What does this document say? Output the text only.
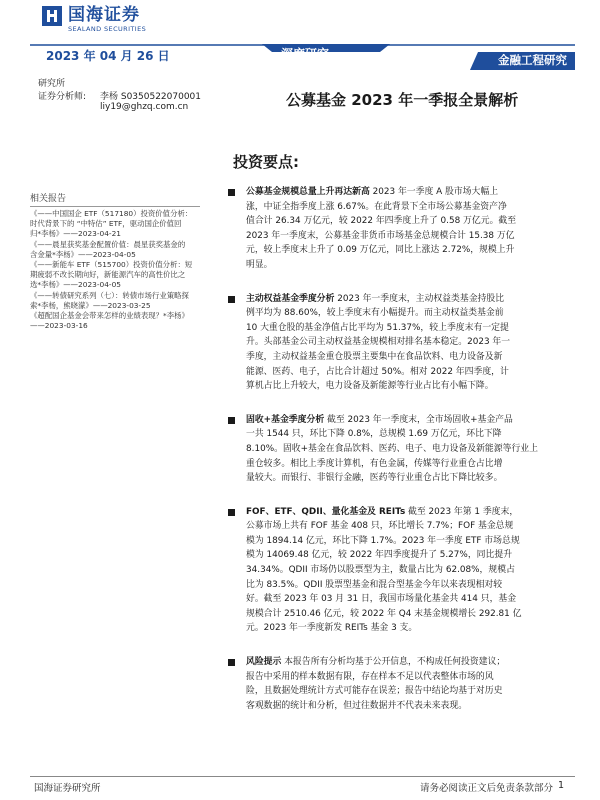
国海证券
SEALAND SECURITIES
2023 年 04 月 26 日	深度研究	金融工程研究
研究所
证券分析师: 李杨 S0350522070001
liy19@ghzq.com.cn	公募基金 2023 年一季报全景解析
投资要点:
相关报告
《——中国国企 ETF（517180）投资价值分析：
时代背景下的 “中特估” ETF，驱动国企价值回
归*李杨》——2023-04-21
《——晨星获奖基金配置价值：晨星获奖基金的
含金量*李杨》——2023-04-05
《——新能车 ETF（515700）投资价值分析：短
期疲弱不改长期向好，新能源汽车的高性价比之
选*李杨》——2023-04-05
《——转债研究系列（七）：转债市场行业策略探
索*李杨，熊晓濛》——2023-03-25
《超配国企基金会带来怎样的业绩表现？*李杨》
——2023-03-16
公募基金规模总量上升再达新高 2023 年一季度 A 股市场大幅上
涨，中证全指季度上涨 6.67%。在此背景下全市场公募基金资产净
值合计 26.34 万亿元，较 2022 年四季度上升了 0.58 万亿元。截至
2023 年一季度末，公募基金非货币市场基金总规模合计 15.38 万亿
元，较上季度末上升了 0.09 万亿元，同比上涨达 2.72%，规模上升
明显。
主动权益基金季度分析 2023 年一季度末，主动权益类基金持股比
例平均为 88.60%，较上季度末有小幅提升。而主动权益类基金前
10 大重仓股的基金净值占比平均为 51.37%，较上季度末有一定提
升。头部基金公司主动权益基金规模相对排名基本稳定。2023 年一
季度，主动权益基金重仓股票主要集中在食品饮料、电力设备及新
能源、医药、电子，占比合计超过 50%。相对 2022 年四季度，计
算机占比上升较大，电力设备及新能源等行业占比有小幅下降。
固收+基金季度分析 截至 2023 年一季度末，全市场固收+基金产品
一共 1544 只，环比下降 0.8%，总规模 1.69 万亿元，环比下降
8.10%。固收+基金在食品饮料、医药、电子、电力设备及新能源等行业上
重仓较多。相比上季度计算机，有色金属，传媒等行业重仓占比增
量较大。而银行、非银行金融，医药等行业重仓占比下降比较多。
FOF、ETF、QDII、量化基金及 REITs 截至 2023 年第 1 季度末，
公募市场上共有 FOF 基金 408 只，环比增长 7.7%；FOF 基金总规
模为 1894.14 亿元，环比下降 1.7%。2023 年一季度 ETF 市场总规
模为 14069.48 亿元，较 2022 年四季度提升了 5.27%，同比提升
34.34%。QDII 市场仍以股票型为主，数量占比为 62.08%，规模占
比为 83.5%。QDII 股票型基金和混合型基金今年以来表现相对较
好。截至 2023 年 03 月 31 日，我国市场量化基金共 414 只，基金
规模合计 2510.46 亿元，较 2022 年 Q4 末基金规模增长 292.81 亿
元。2023 年一季度新发 REITs 基金 3 支。
风险提示 本报告所有分析均基于公开信息，不构成任何投资建议；
报告中采用的样本数据有限，存在样本不足以代表整体市场的风
险，且数据处理统计方式可能存在误差；报告中结论均基于对历史
客观数据的统计和分析，但过往数据并不代表未来表现。
国海证券研究所	请务必阅读正文后免责条款部分 1
